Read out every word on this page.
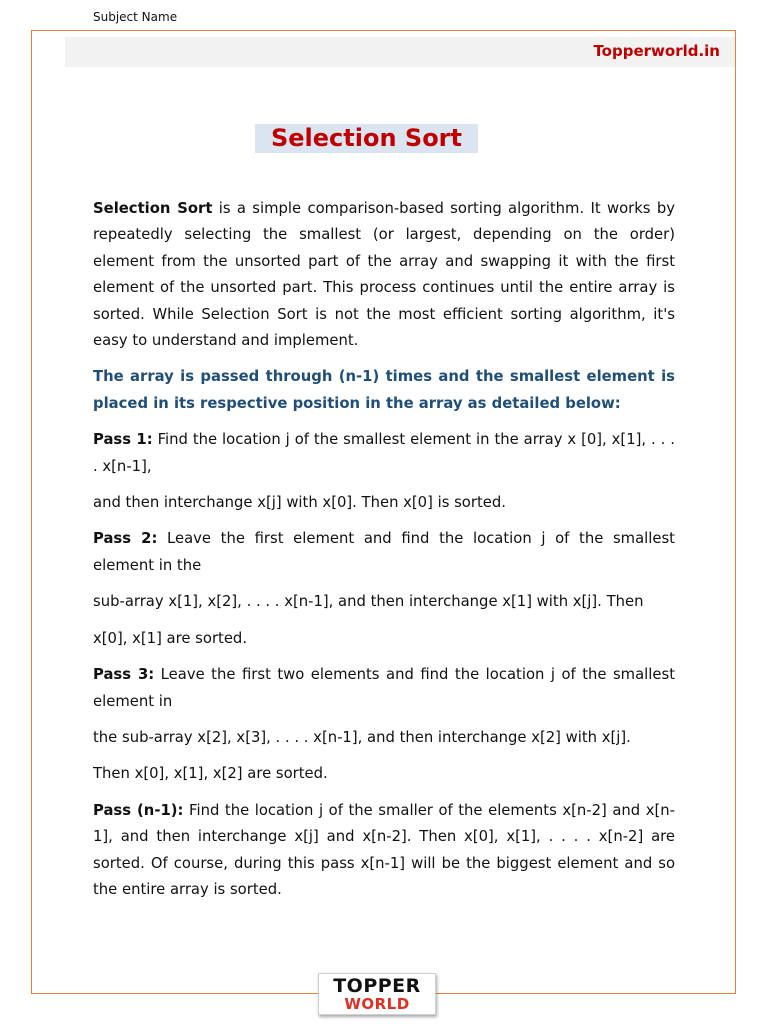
Subject Name
Topperworld.in
Selection Sort

Selection Sort is a simple comparison-based sorting algorithm. It works by repeatedly selecting the smallest (or largest, depending on the order) element from the unsorted part of the array and swapping it with the first element of the unsorted part. This process continues until the entire array is sorted. While Selection Sort is not the most efficient sorting algorithm, it's easy to understand and implement.

The array is passed through (n-1) times and the smallest element is placed in its respective position in the array as detailed below:

Pass 1: Find the location j of the smallest element in the array x [0], x[1], . . . . x[n-1],

and then interchange x[j] with x[0]. Then x[0] is sorted.

Pass 2: Leave the first element and find the location j of the smallest element in the

sub-array x[1], x[2], . . . . x[n-1], and then interchange x[1] with x[j]. Then

x[0], x[1] are sorted.

Pass 3: Leave the first two elements and find the location j of the smallest element in

the sub-array x[2], x[3], . . . . x[n-1], and then interchange x[2] with x[j].

Then x[0], x[1], x[2] are sorted.

Pass (n-1): Find the location j of the smaller of the elements x[n-2] and x[n-1], and then interchange x[j] and x[n-2]. Then x[0], x[1], . . . . x[n-2] are sorted. Of course, during this pass x[n-1] will be the biggest element and so the entire array is sorted.

TOPPER
WORLD
